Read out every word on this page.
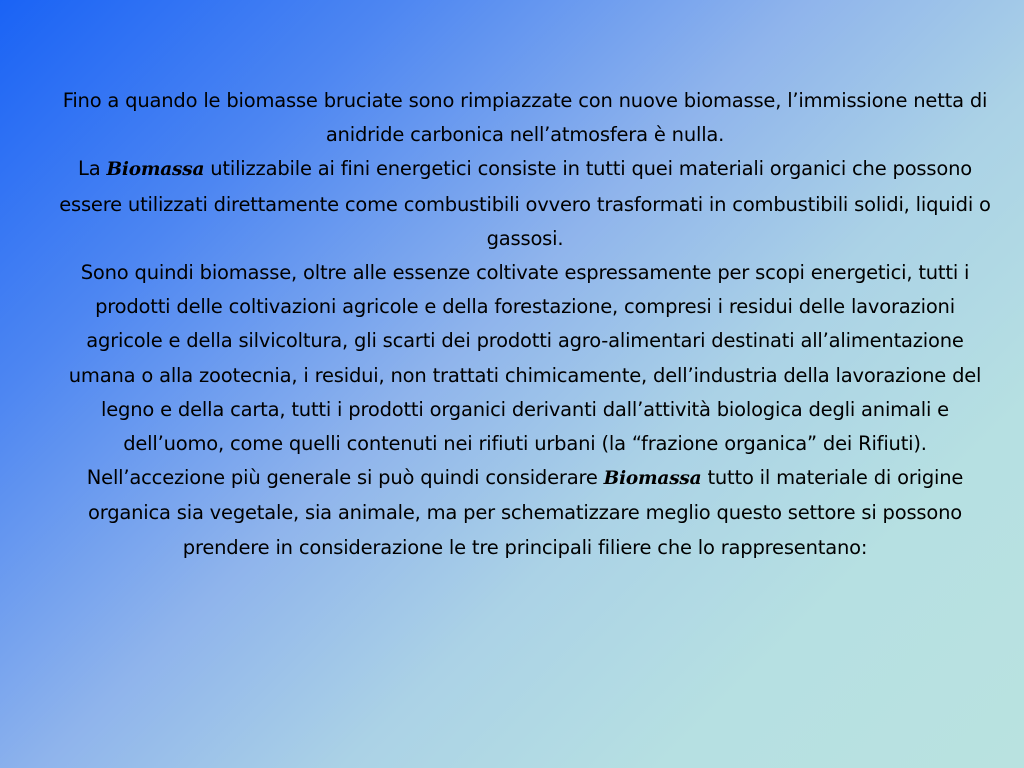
Fino a quando le biomasse bruciate sono rimpiazzate con nuove biomasse, l’immissione netta di anidride carbonica nell’atmosfera è nulla.

La Biomassa utilizzabile ai fini energetici consiste in tutti quei materiali organici che possono essere utilizzati direttamente come combustibili ovvero trasformati in combustibili solidi, liquidi o gassosi.

Sono quindi biomasse, oltre alle essenze coltivate espressamente per scopi energetici, tutti i prodotti delle coltivazioni agricole e della forestazione, compresi i residui delle lavorazioni agricole e della silvicoltura, gli scarti dei prodotti agro-alimentari destinati all’alimentazione umana o alla zootecnia, i residui, non trattati chimicamente, dell’industria della lavorazione del legno e della carta, tutti i prodotti organici derivanti dall’attività biologica degli animali e dell’uomo, come quelli contenuti nei rifiuti urbani (la “frazione organica” dei Rifiuti).

Nell’accezione più generale si può quindi considerare Biomassa tutto il materiale di origine organica sia vegetale, sia animale, ma per schematizzare meglio questo settore si possono prendere in considerazione le tre principali filiere che lo rappresentano:
